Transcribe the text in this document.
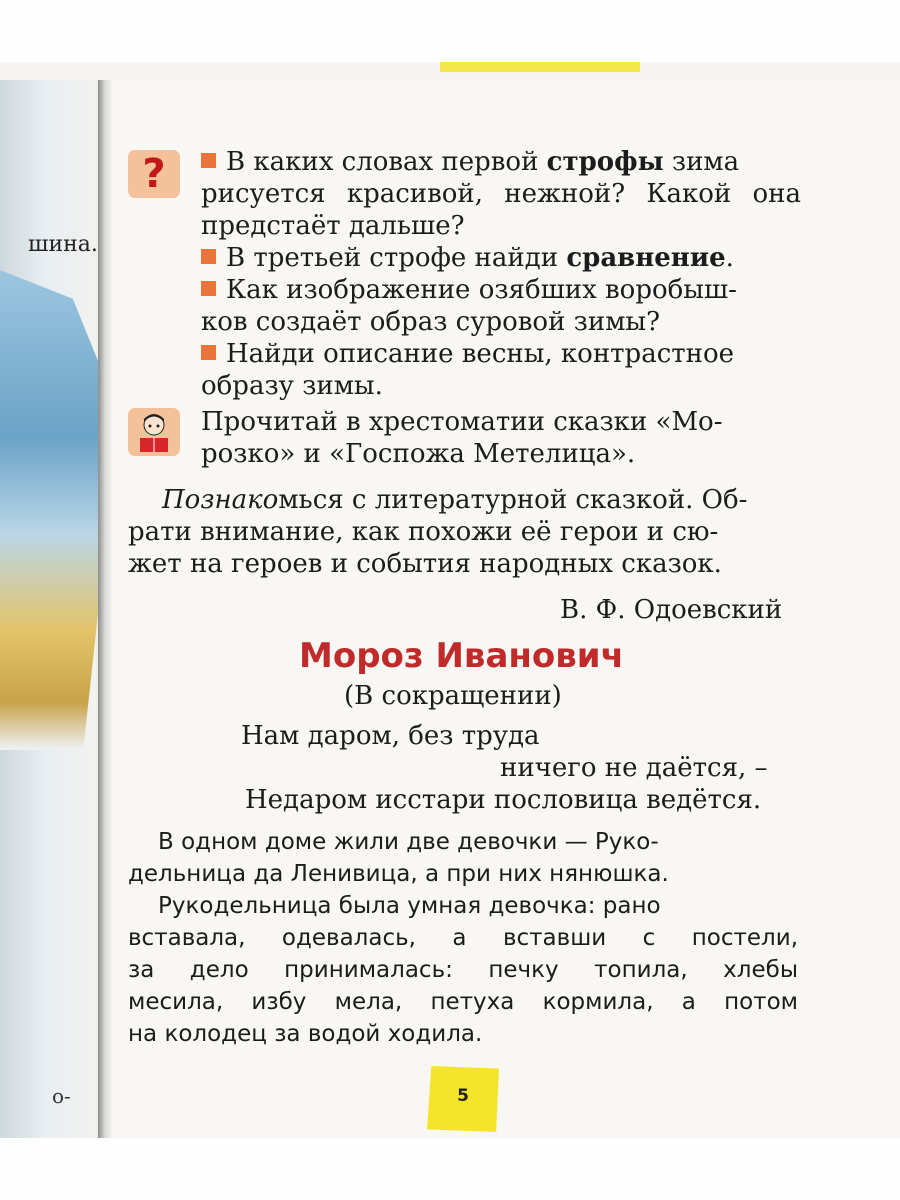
шина.
о-
?	В каких словах первой строфы зима
рисуется красивой, нежной? Какой она
предстаёт дальше?
В третьей строфе найди сравнение.
Как изображение озябших воробыш-
ков создаёт образ суровой зимы?
Найди описание весны, контрастное
образу зимы.
Прочитай в хрестоматии сказки «Мо-
розко» и «Госпожа Метелица».
Познакомься с литературной сказкой. Об-
рати внимание, как похожи её герои и сю-
жет на героев и события народных сказок.
В. Ф. Одоевский
Мороз Иванович
(В сокращении)
Нам даром, без труда
ничего не даётся, –
Недаром исстари пословица ведётся.
В одном доме жили две девочки — Руко-
дельница да Ленивица, а при них нянюшка.
Рукодельница была умная девочка: рано
вставала, одевалась, а вставши с постели,
за дело принималась: печку топила, хлебы
месила, избу мела, петуха кормила, а потом
на колодец за водой ходила.
5
